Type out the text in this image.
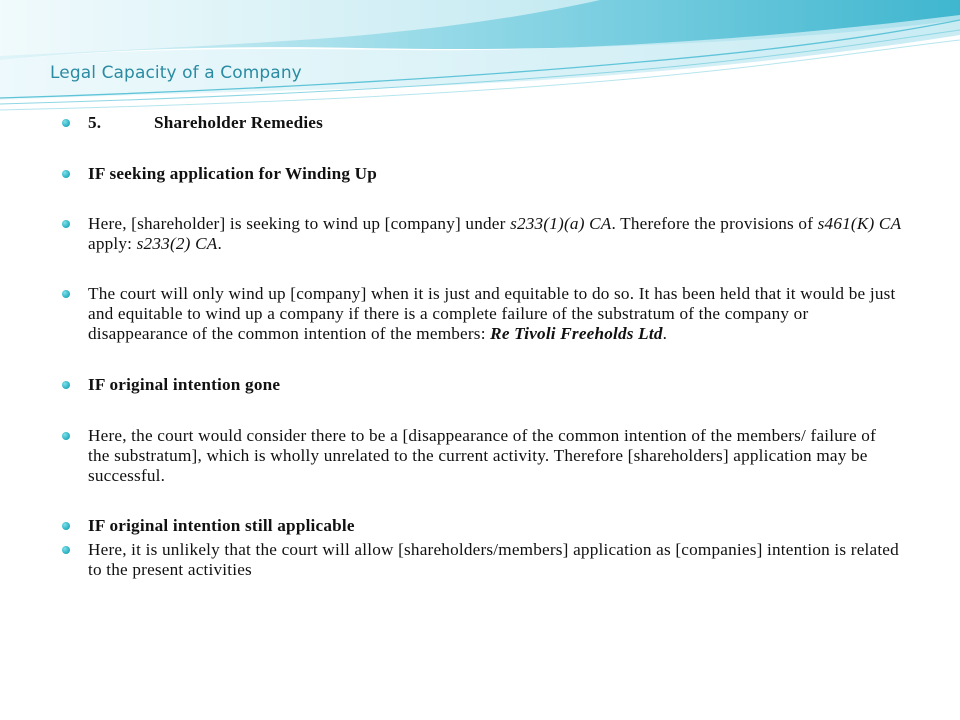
Legal Capacity of a Company
5.	Shareholder Remedies
IF seeking application for Winding Up
Here, [shareholder] is seeking to wind up [company] under s233(1)(a) CA. Therefore the provisions of s461(K) CA apply: s233(2) CA.
The court will only wind up [company] when it is just and equitable to do so. It has been held that it would be just and equitable to wind up a company if there is a complete failure of the substratum of the company or disappearance of the common intention of the members: Re Tivoli Freeholds Ltd.
IF original intention gone
Here, the court would consider there to be a [disappearance of the common intention of the members/ failure of the substratum], which is wholly unrelated to the current activity. Therefore [shareholders] application may be successful.
IF original intention still applicable
Here, it is unlikely that the court will allow [shareholders/members] application as [companies] intention is related to the present activities
